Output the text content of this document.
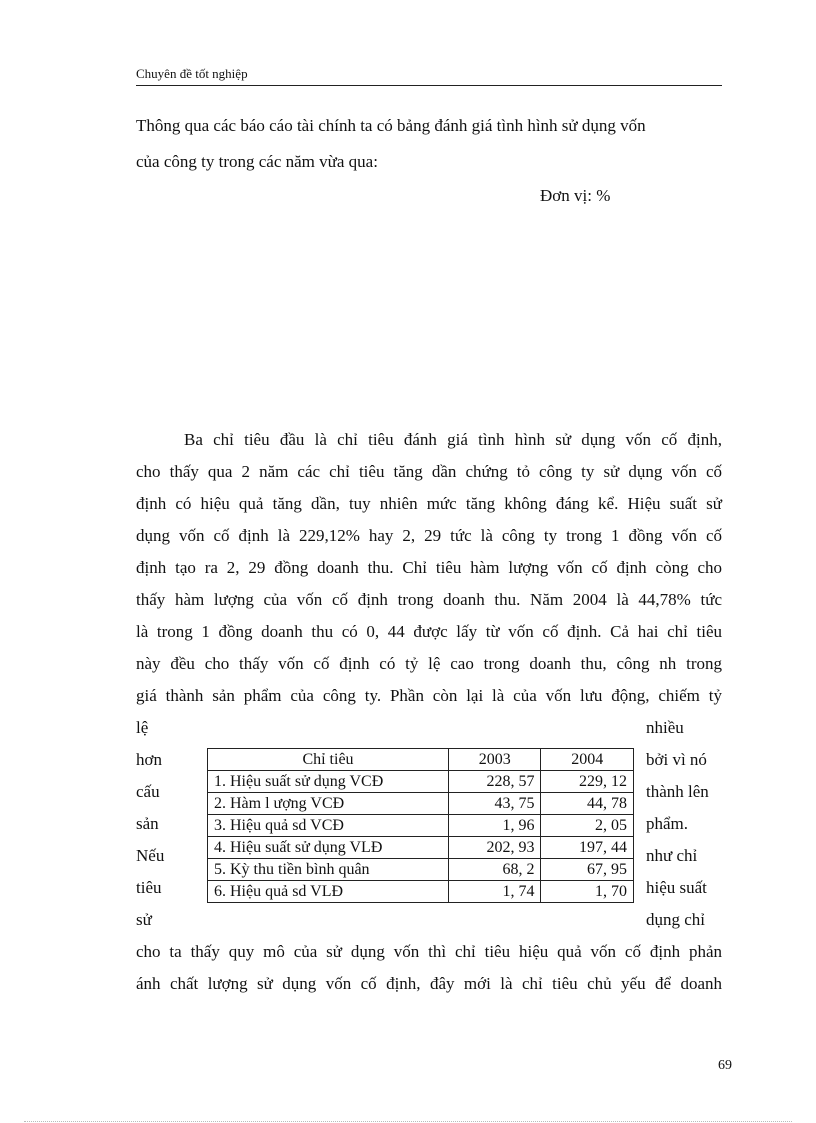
Chuyên đề tốt nghiệp
Thông qua các báo cáo tài chính ta có bảng đánh giá tình hình sử dụng vốn
của công ty trong các năm vừa qua:
Đơn vị: %
Ba chỉ tiêu đầu là chỉ tiêu đánh giá tình hình sử dụng vốn cố định,
cho thấy qua 2 năm các chỉ tiêu tăng dần chứng tỏ công ty sử dụng vốn cố
định có hiệu quả tăng dần, tuy nhiên mức tăng không đáng kể. Hiệu suất sử
dụng vốn cố định là 229,12% hay 2, 29 tức là công ty trong 1 đồng vốn cố
định tạo ra 2, 29 đồng doanh thu. Chỉ tiêu hàm lượng vốn cố định còng cho
thấy hàm lượng của vốn cố định trong doanh thu. Năm 2004 là 44,78% tức
là trong 1 đồng doanh thu có 0, 44 được lấy từ vốn cố định. Cả hai chỉ tiêu
này đều cho thấy vốn cố định có tỷ lệ cao trong doanh thu, công nh trong
giá thành sản phẩm của công ty. Phần còn lại là của vốn lưu động, chiếm tỷ
lệ
hơn
cấu
sản
Nếu
tiêu
sử
nhiều
bởi vì nó
thành lên
phẩm.
như chỉ
hiệu suất
dụng chỉ
Chỉ tiêu	2003	2004
1. Hiệu suất sử dụng VCĐ	228, 57	229, 12
2. Hàm l ượng VCĐ	43, 75	44, 78
3. Hiệu quả sd VCĐ	1, 96	2, 05
4. Hiệu suất sử dụng VLĐ	202, 93	197, 44
5. Kỳ thu tiền bình quân	68, 2	67, 95
6. Hiệu quả sd VLĐ	1, 74	1, 70
cho ta thấy quy mô của sử dụng vốn thì chỉ tiêu hiệu quả vốn cố định phản
ánh chất lượng sử dụng vốn cố định, đây mới là chỉ tiêu chủ yếu để doanh
69
